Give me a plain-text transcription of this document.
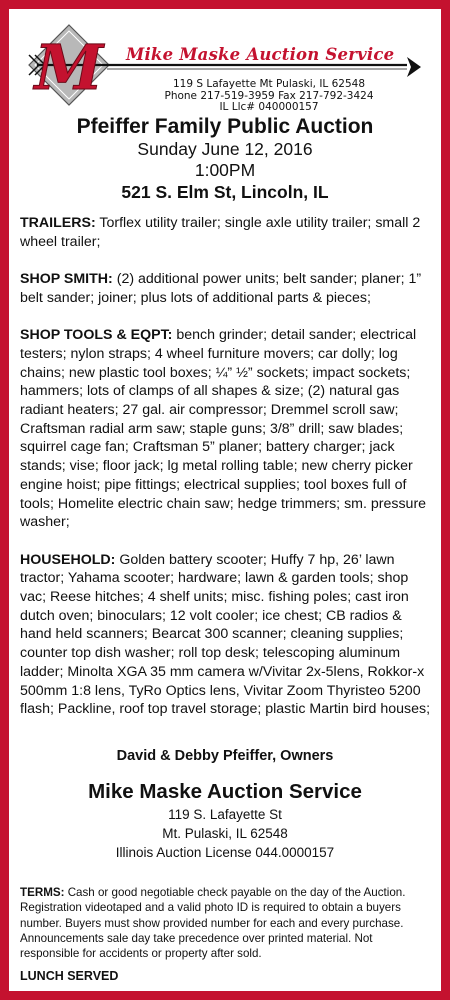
M Mike Maske Auction Service
119 S Lafayette Mt Pulaski, IL 62548
Phone 217-519-3959 Fax 217-792-3424
IL Llc# 040000157
Pfeiffer Family Public Auction
Sunday June 12, 2016
1:00PM
521 S. Elm St, Lincoln, IL
TRAILERS: Torflex utility trailer; single axle utility trailer; small 2 wheel trailer;
SHOP SMITH: (2) additional power units; belt sander; planer; 1” belt sander; joiner; plus lots of additional parts & pieces;
SHOP TOOLS & EQPT: bench grinder; detail sander; electrical testers; nylon straps; 4 wheel furniture movers; car dolly; log chains; new plastic tool boxes; ¼” ½” sockets; impact sockets; hammers; lots of clamps of all shapes & size; (2) natural gas radiant heaters; 27 gal. air compressor; Dremmel scroll saw; Craftsman radial arm saw; staple guns; 3/8” drill; saw blades; squirrel cage fan; Craftsman 5” planer; battery charger; jack stands; vise; floor jack; lg metal rolling table; new cherry picker engine hoist; pipe fittings; electrical supplies; tool boxes full of tools; Homelite electric chain saw; hedge trimmers; sm. pressure washer;
HOUSEHOLD: Golden battery scooter; Huffy 7 hp, 26’ lawn tractor; Yahama scooter; hardware; lawn & garden tools; shop vac; Reese hitches; 4 shelf units; misc. fishing poles; cast iron dutch oven; binoculars; 12 volt cooler; ice chest; CB radios & hand held scanners; Bearcat 300 scanner; cleaning supplies; counter top dish washer; roll top desk; telescoping aluminum ladder; Minolta XGA 35 mm camera w/Vivitar 2x-5lens, Rokkor-x 500mm 1:8 lens, TyRo Optics lens, Vivitar Zoom Thyristeo 5200 flash; Packline, roof top travel storage; plastic Martin bird houses;
David & Debby Pfeiffer, Owners
Mike Maske Auction Service
119 S. Lafayette St
Mt. Pulaski, IL 62548
Illinois Auction License 044.0000157
TERMS: Cash or good negotiable check payable on the day of the Auction. Registration videotaped and a valid photo ID is required to obtain a buyers number. Buyers must show provided number for each and every purchase. Announcements sale day take precedence over printed material. Not responsible for accidents or property after sold.
LUNCH SERVED
